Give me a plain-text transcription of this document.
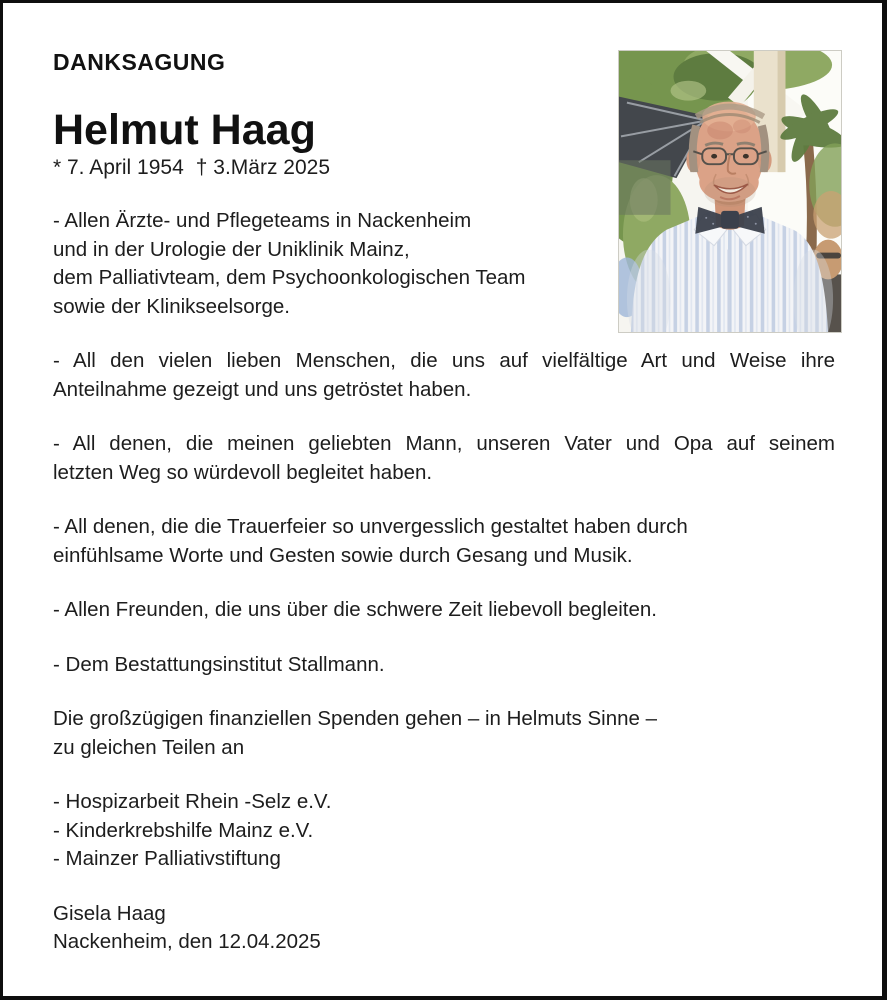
DANKSAGUNG
Helmut Haag
* 7. April 1954 † 3.März 2025

- Allen Ärzte- und Pflegeteams in Nackenheim
und in der Urologie der Uniklinik Mainz,
dem Palliativteam, dem Psychoonkologischen Team
sowie der Klinikseelsorge.

- All den vielen lieben Menschen, die uns auf vielfältige Art und Weise ihre
Anteilnahme gezeigt und uns getröstet haben.

- All denen, die meinen geliebten Mann, unseren Vater und Opa auf seinem
letzten Weg so würdevoll begleitet haben.

- All denen, die die Trauerfeier so unvergesslich gestaltet haben durch
einfühlsame Worte und Gesten sowie durch Gesang und Musik.

- Allen Freunden, die uns über die schwere Zeit liebevoll begleiten.

- Dem Bestattungsinstitut Stallmann.

Die großzügigen finanziellen Spenden gehen – in Helmuts Sinne –
zu gleichen Teilen an

- Hospizarbeit Rhein -Selz e.V.
- Kinderkrebshilfe Mainz e.V.
- Mainzer Palliativstiftung

Gisela Haag
Nackenheim, den 12.04.2025
